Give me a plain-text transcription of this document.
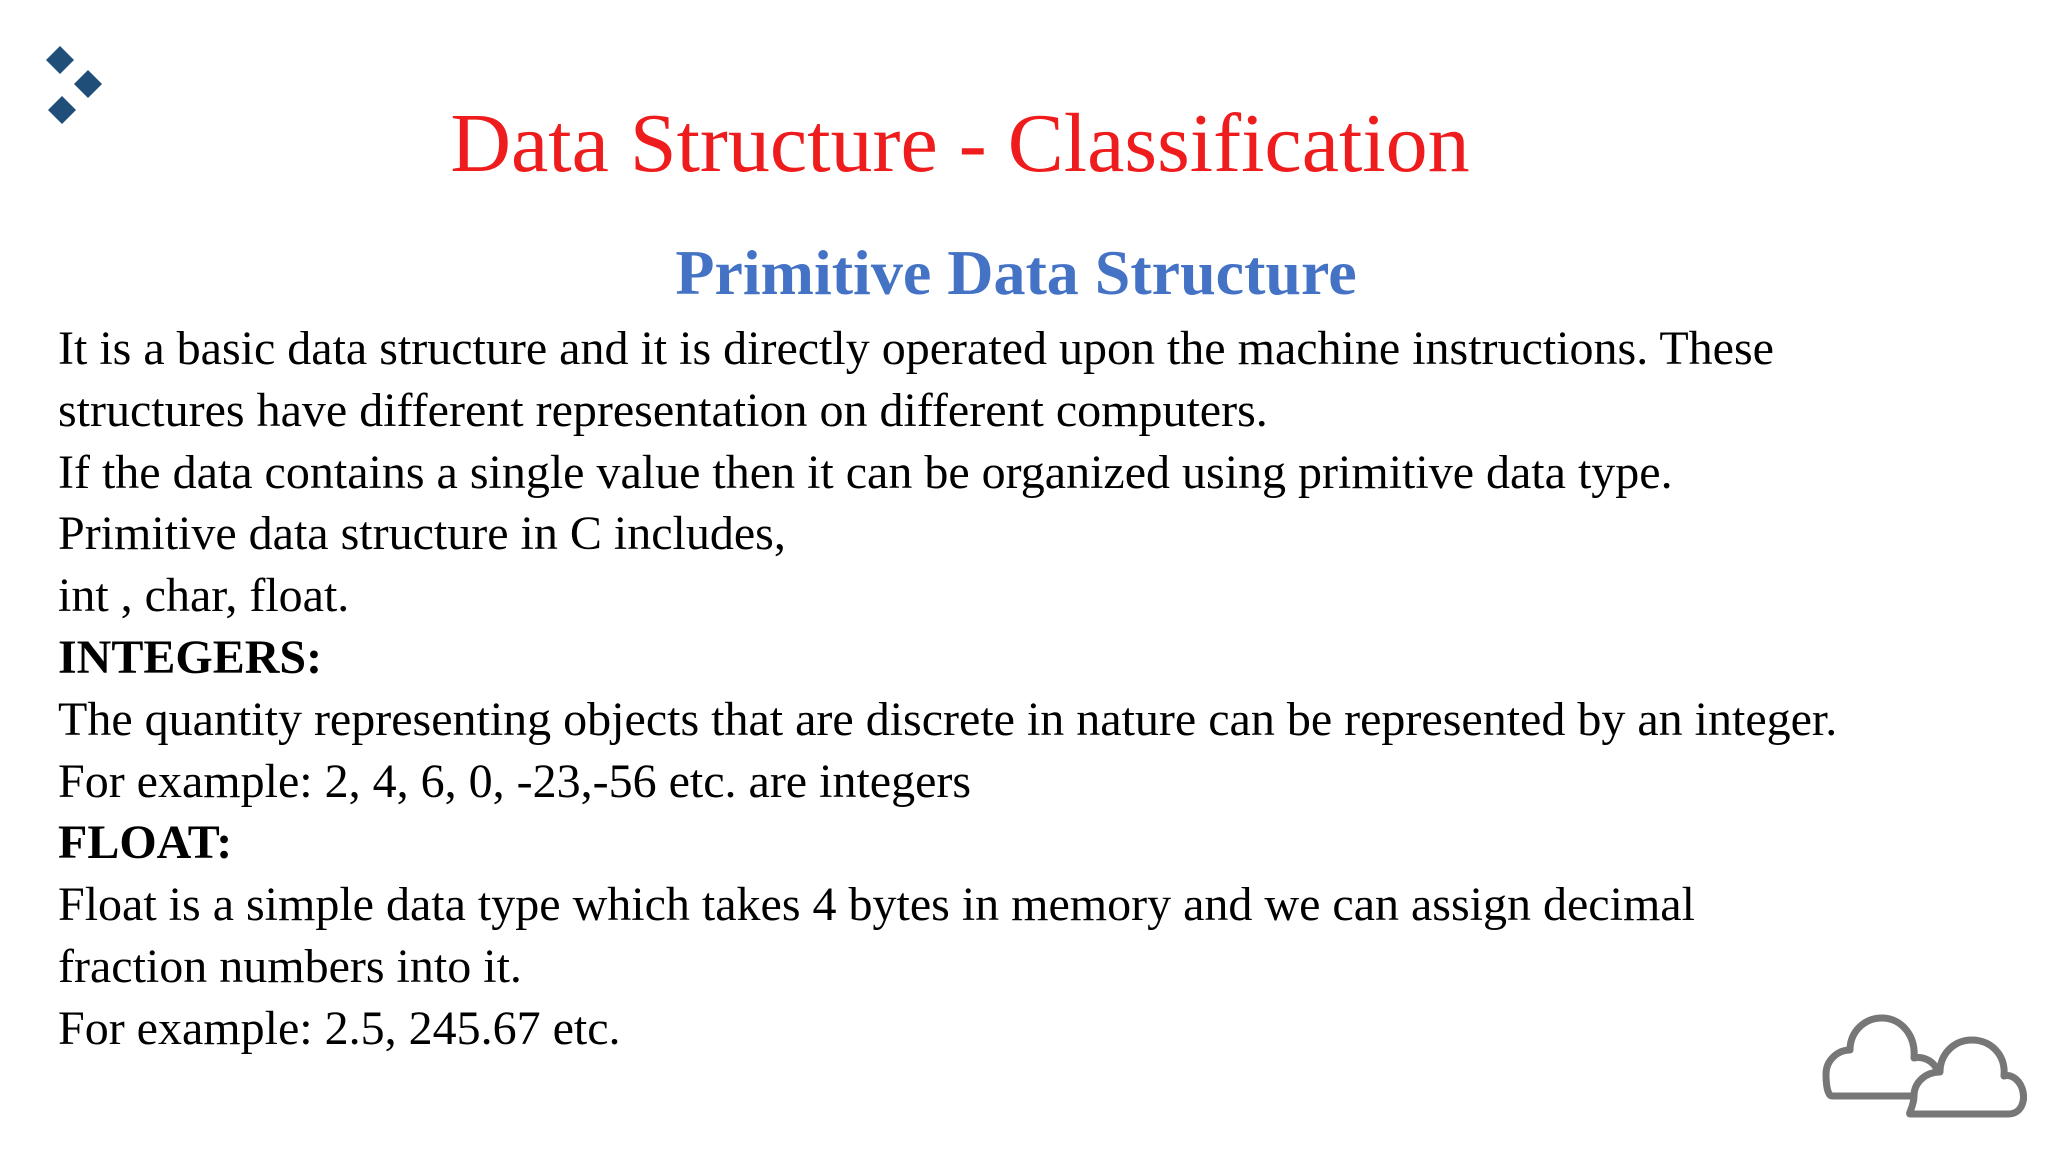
Data Structure - Classification
Primitive Data Structure
It is a basic data structure and it is directly operated upon the machine instructions. These
structures have different representation on different computers.
If the data contains a single value then it can be organized using primitive data type.
Primitive data structure in C includes,
int , char, float.
INTEGERS:
The quantity representing objects that are discrete in nature can be represented by an integer.
For example: 2, 4, 6, 0, -23,-56 etc. are integers
FLOAT:
Float is a simple data type which takes 4 bytes in memory and we can assign decimal
fraction numbers into it.
For example: 2.5, 245.67 etc.
